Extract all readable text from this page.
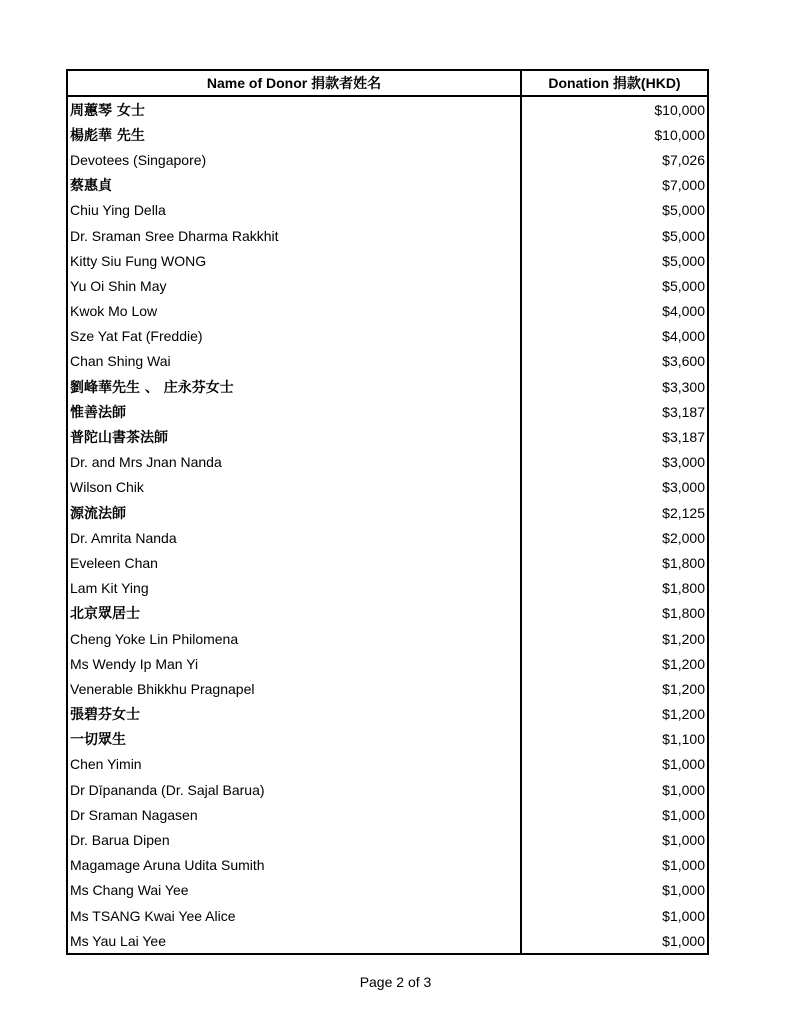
Name of Donor 捐款者姓名	Donation 捐款(HKD)
周蕙琴 女士	$10,000
楊彪華 先生	$10,000
Devotees (Singapore)	$7,026
蔡惠貞	$7,000
Chiu Ying Della	$5,000
Dr. Sraman Sree Dharma Rakkhit	$5,000
Kitty Siu Fung WONG	$5,000
Yu Oi Shin May	$5,000
Kwok Mo Low	$4,000
Sze Yat Fat (Freddie)	$4,000
Chan Shing Wai	$3,600
劉峰華先生 、 庄永芬女士	$3,300
惟善法師	$3,187
普陀山書茶法師	$3,187
Dr. and Mrs Jnan Nanda	$3,000
Wilson Chik	$3,000
源流法師	$2,125
Dr. Amrita Nanda	$2,000
Eveleen Chan	$1,800
Lam Kit Ying	$1,800
北京眾居士	$1,800
Cheng Yoke Lin Philomena	$1,200
Ms Wendy Ip Man Yi	$1,200
Venerable Bhikkhu Pragnapel	$1,200
張碧芬女士	$1,200
一切眾生	$1,100
Chen Yimin	$1,000
Dr Dīpananda (Dr. Sajal Barua)	$1,000
Dr Sraman Nagasen	$1,000
Dr. Barua Dipen	$1,000
Magamage Aruna Udita Sumith	$1,000
Ms Chang Wai Yee	$1,000
Ms TSANG Kwai Yee Alice	$1,000
Ms Yau Lai Yee	$1,000
Page 2 of 3
